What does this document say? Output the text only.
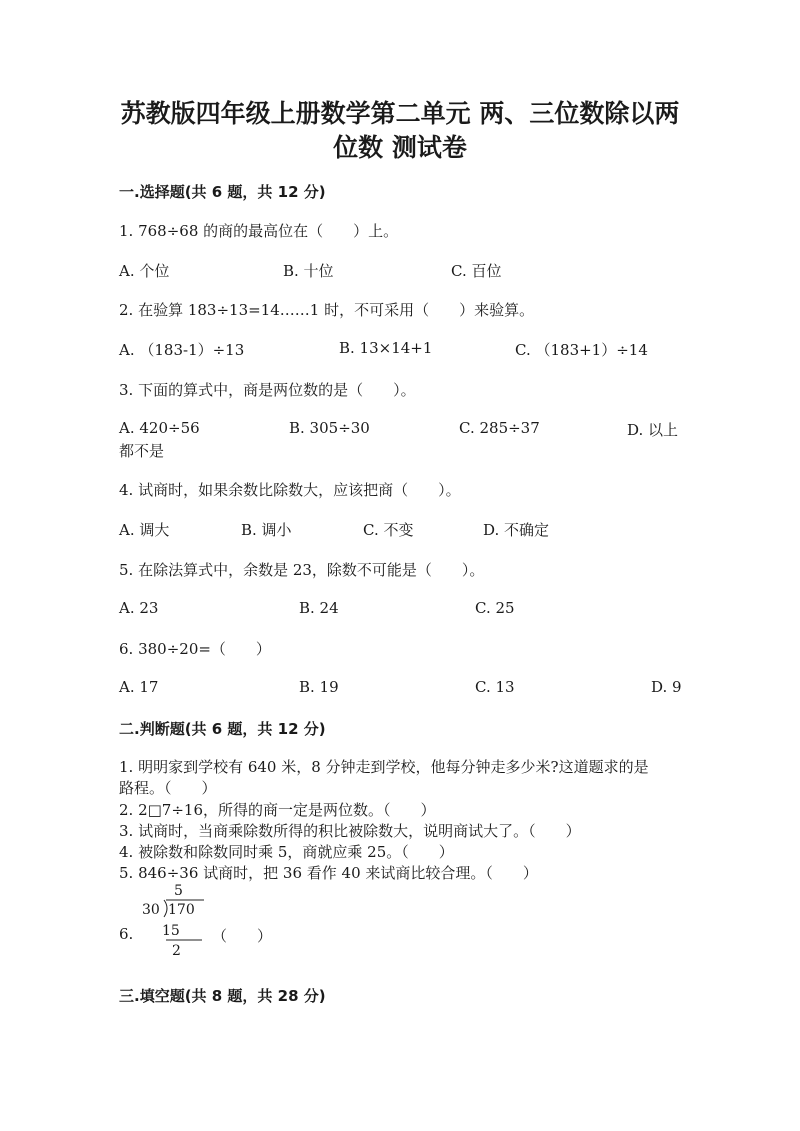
苏教版四年级上册数学第二单元 两、三位数除以两
位数 测试卷
一.选择题(共 6 题，共 12 分)
1. 768÷68 的商的最高位在（　　）上。
A. 个位	B. 十位	C. 百位
2. 在验算 183÷13=14……1 时，不可采用（　　）来验算。
A. （183-1）÷13	B. 13×14+1	C. （183+1）÷14
3. 下面的算式中，商是两位数的是（　　）。
A. 420÷56	B. 305÷30	C. 285÷37	D. 以上
都不是
4. 试商时，如果余数比除数大，应该把商（　　）。
A. 调大	B. 调小	C. 不变	D. 不确定
5. 在除法算式中，余数是 23，除数不可能是（　　）。
A. 23	B. 24	C. 25
6. 380÷20=（　　）
A. 17	B. 19	C. 13	D. 9
二.判断题(共 6 题，共 12 分)
1. 明明家到学校有 640 米，8 分钟走到学校，他每分钟走多少米?这道题求的是
路程。（　　）
2. 2□7÷16，所得的商一定是两位数。（　　）
3. 试商时，当商乘除数所得的积比被除数大，说明商试大了。（　　）
4. 被除数和除数同时乘 5，商就应乘 25。（　　）
5. 846÷36 试商时，把 36 看作 40 来试商比较合理。（　　）
6.
5
30 170
15
2
（　　）
三.填空题(共 8 题，共 28 分)
